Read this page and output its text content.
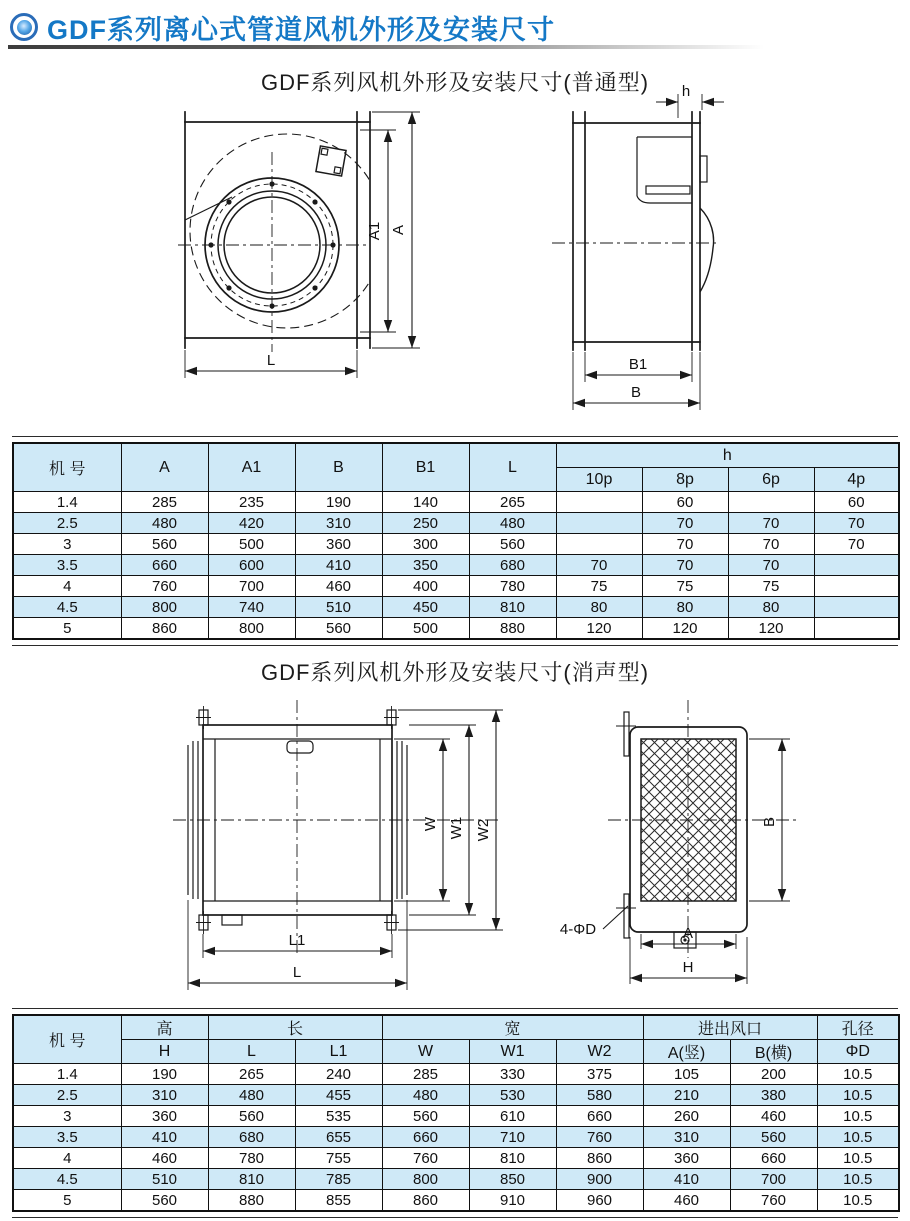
GDF系列离心式管道风机外形及安装尺寸
GDF系列风机外形及安装尺寸(普通型)
A1 A
L
h
B1
B
机 号	A	A1	B	B1	L	h			
						10p	8p	6p	4p
1.4	285	235	190	140	265		60		60
2.5	480	420	310	250	480		70	70	70
3	560	500	360	300	560		70	70	70
3.5	660	600	410	350	680	70	70	70	
4	760	700	460	400	780	75	75	75	
4.5	800	740	510	450	810	80	80	80	
5	860	800	560	500	880	120	120	120	
GDF系列风机外形及安装尺寸(消声型)
W W1 W2
L1
L
B
A
H
4-ΦD
机 号	高	长		宽			进出风口		孔径
	H	L	L1	W	W1	W2	A(竖)	B(横)	ΦD
1.4	190	265	240	285	330	375	105	200	10.5
2.5	310	480	455	480	530	580	210	380	10.5
3	360	560	535	560	610	660	260	460	10.5
3.5	410	680	655	660	710	760	310	560	10.5
4	460	780	755	760	810	860	360	660	10.5
4.5	510	810	785	800	850	900	410	700	10.5
5	560	880	855	860	910	960	460	760	10.5
